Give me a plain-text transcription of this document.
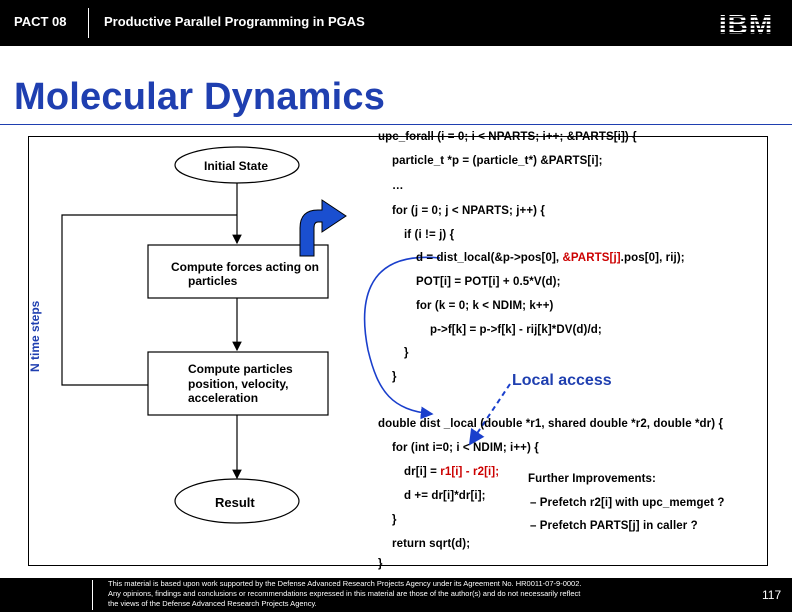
PACT 08	Productive Parallel Programming in PGAS
Molecular Dynamics
Initial State
Compute forces acting on
particles
Compute particles
position, velocity,
acceleration
Result
N time steps
upc_forall (i = 0; i < NPARTS; i++; &PARTS[i]) {
particle_t *p = (particle_t*) &PARTS[i];
…
for (j = 0; j < NPARTS; j++) {
if (i != j) {
d = dist_local(&p->pos[0], &PARTS[j].pos[0], rij);
POT[i] = POT[i] + 0.5*V(d);
for (k = 0; k < NDIM; k++)
p->f[k] = p->f[k] - rij[k]*DV(d)/d;
}
}
double dist _local (double *r1, shared double *r2, double *dr) {
for (int i=0; i < NDIM; i++) {
dr[i] = r1[i] - r2[i];
d += dr[i]*dr[i];
}
return sqrt(d);
}
Local access
Further Improvements:
– Prefetch r2[i] with upc_memget ?
– Prefetch PARTS[j] in caller ?
This material is based upon work supported by the Defense Advanced Research Projects Agency under its Agreement No. HR0011-07-9-0002.
Any opinions, findings and conclusions or recommendations expressed in this material are those of the author(s) and do not necessarily reflect
the views of the Defense Advanced Research Projects Agency.
117
